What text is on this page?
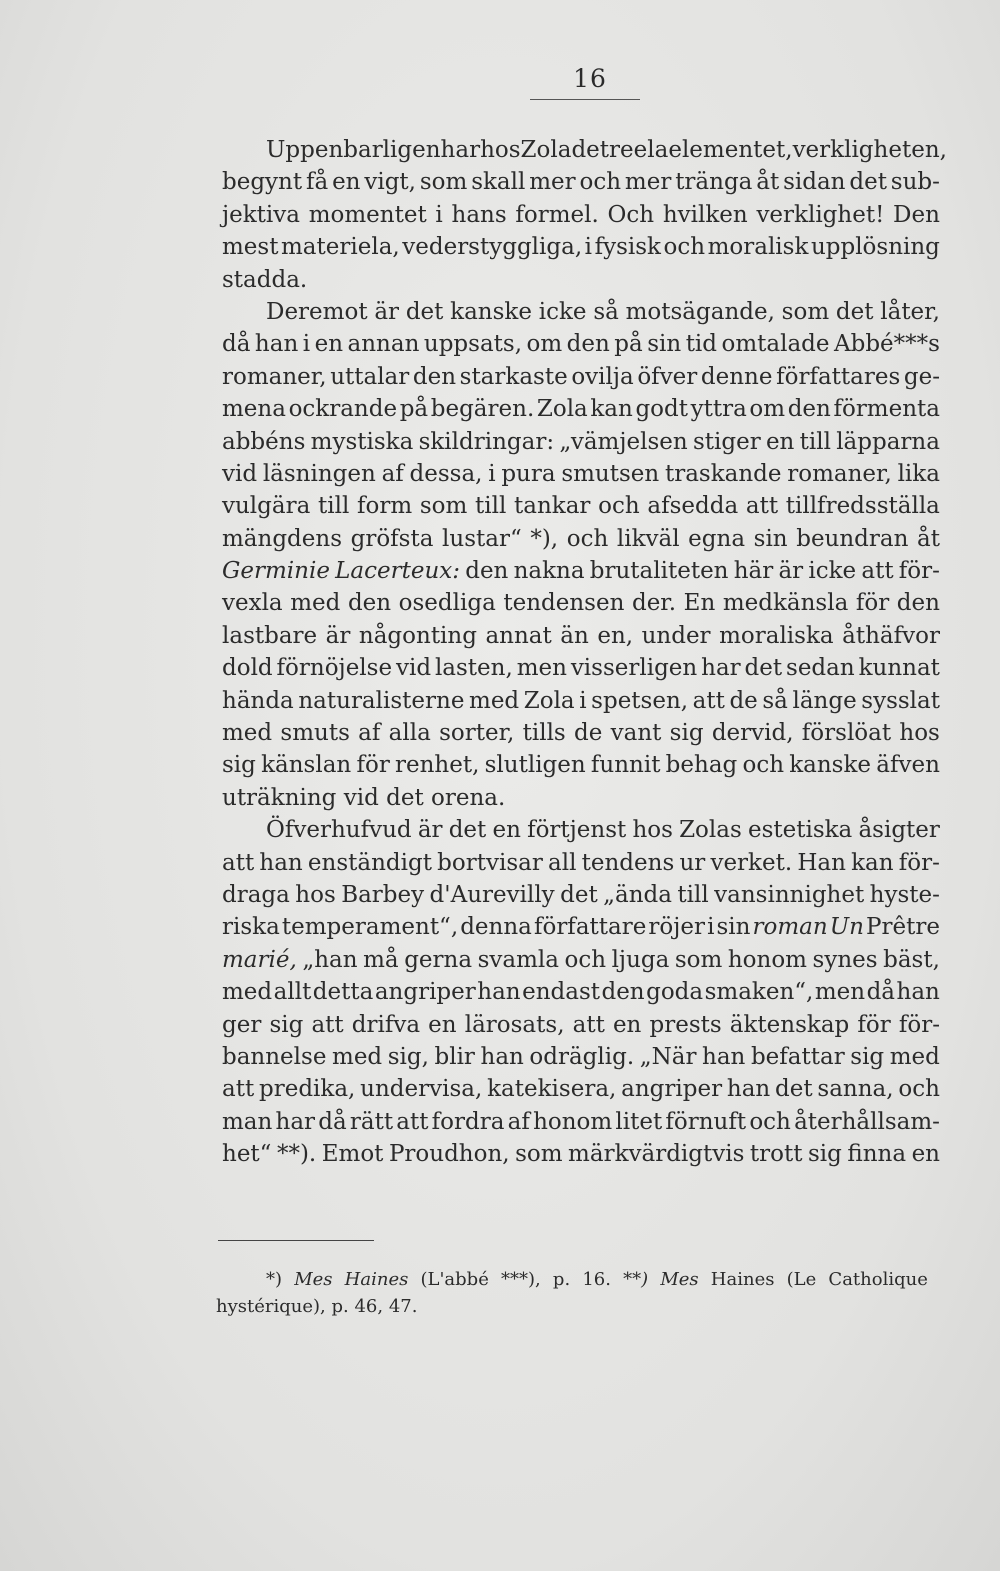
16
Uppenbarligen har hos Zola det reela elementet, verkligheten,
begynt få en vigt, som skall mer och mer tränga åt sidan det sub-
jektiva momentet i hans formel. Och hvilken verklighet! Den
mest materiela, vederstyggliga, i fysisk och moralisk upplösning
stadda.
Deremot är det kanske icke så motsägande, som det låter,
då han i en annan uppsats, om den på sin tid omtalade Abbé***s
romaner, uttalar den starkaste ovilja öfver denne författares ge-
mena ockrande på begären. Zola kan godt yttra om den förmenta
abbéns mystiska skildringar: „vämjelsen stiger en till läpparna
vid läsningen af dessa, i pura smutsen traskande romaner, lika
vulgära till form som till tankar och afsedda att tillfredsställa
mängdens gröfsta lustar“ *), och likväl egna sin beundran åt
Germinie Lacerteux: den nakna brutaliteten här är icke att för-
vexla med den osedliga tendensen der. En medkänsla för den
lastbare är någonting annat än en, under moraliska åthäfvor
dold förnöjelse vid lasten, men visserligen har det sedan kunnat
hända naturalisterne med Zola i spetsen, att de så länge sysslat
med smuts af alla sorter, tills de vant sig dervid, förslöat hos
sig känslan för renhet, slutligen funnit behag och kanske äfven
uträkning
vid
det
orena.
Öfverhufvud är det en förtjenst hos Zolas estetiska åsigter
att han enständigt bortvisar all tendens ur verket. Han kan för-
draga hos Barbey d'Aurevilly det „ända till vansinnighet hyste-
riska temperament“, denna författare röjer i sin roman Un Prêtre
marié, „han må gerna svamla och ljuga som honom synes bäst,
med allt detta angriper han endast den goda smaken“, men då han
ger sig att drifva en lärosats, att en prests äktenskap för för-
bannelse med sig, blir han odräglig. „När han befattar sig med
att predika, undervisa, katekisera, angriper han det sanna, och
man har då rätt att fordra af honom litet förnuft och återhållsam-
het“ **). Emot Proudhon, som märkvärdigtvis trott sig finna en
*) Mes Haines (L'abbé ***), p. 16. **) Mes Haines (Le Catholique
hystérique),
p.
46,
47.
